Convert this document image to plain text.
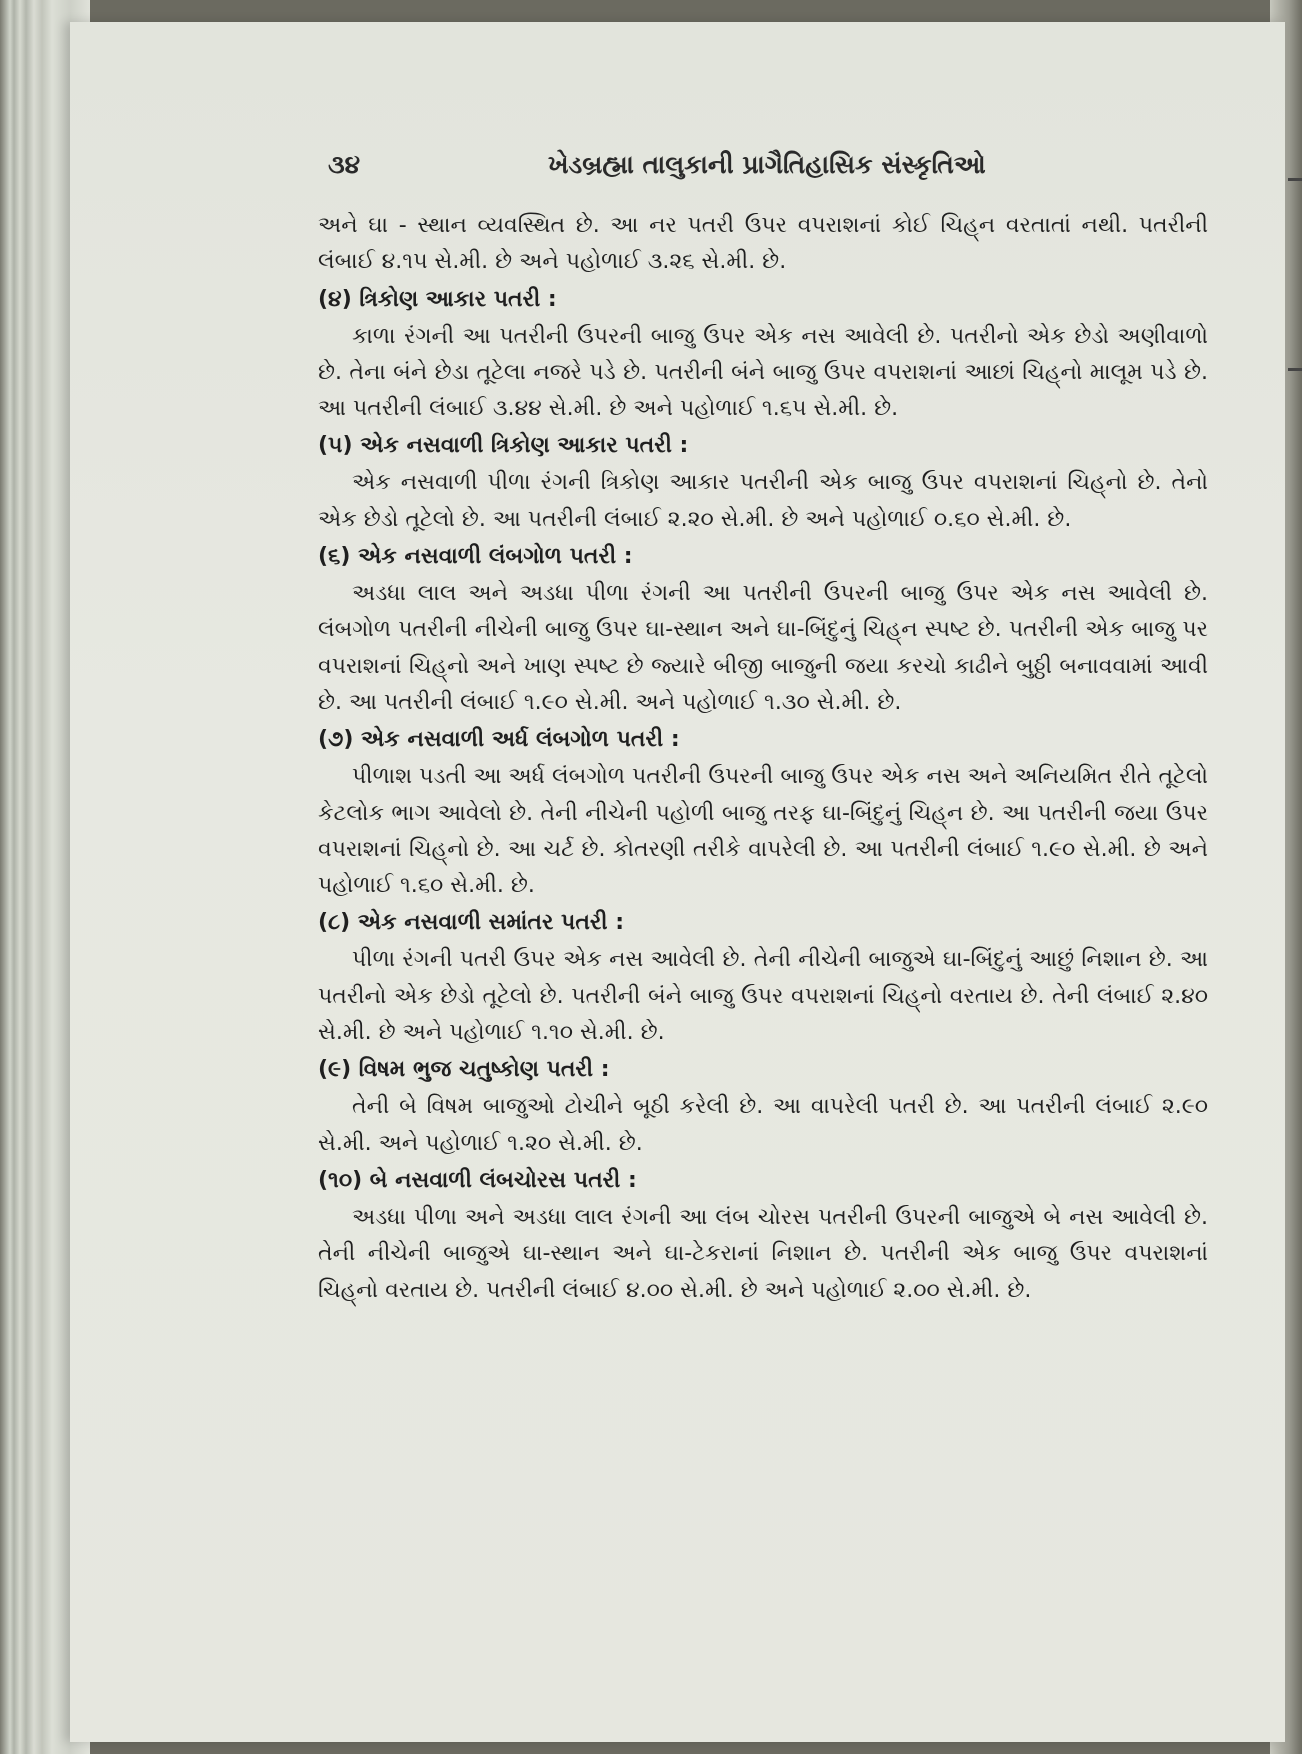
૩૪	ખેડબ્રહ્મા તાલુકાની પ્રાગૈતિહાસિક સંસ્કૃતિઓ

અને ઘા - સ્થાન વ્યવસ્થિત છે. આ નર પતરી ઉપર વપરાશનાં કોઈ ચિહ્‌ન વરતાતાં નથી. પતરીની લંબાઈ ૪.૧૫ સે.મી. છે અને પહોળાઈ ૩.૨૬ સે.મી. છે.

(૪) ત્રિકોણ આકાર પતરી :

કાળા રંગની આ પતરીની ઉપરની બાજુ ઉપર એક નસ આવેલી છે. પતરીનો એક છેડો અણીવાળો છે. તેના બંને છેડા તૂટેલા નજરે પડે છે. પતરીની બંને બાજુ ઉપર વપરાશનાં આછાં ચિહ્‌નો માલૂમ પડે છે. આ પતરીની લંબાઈ ૩.૪૪ સે.મી. છે અને પહોળાઈ ૧.૬૫ સે.મી. છે.

(૫) એક નસવાળી ત્રિકોણ આકાર પતરી :

એક નસવાળી પીળા રંગની ત્રિકોણ આકાર પતરીની એક બાજુ ઉપર વપરાશનાં ચિહ્‌નો છે. તેનો એક છેડો તૂટેલો છે. આ પતરીની લંબાઈ ૨.૨૦ સે.મી. છે અને પહોળાઈ ૦.૬૦ સે.મી. છે.

(૬) એક નસવાળી લંબગોળ પતરી :

અડધા લાલ અને અડધા પીળા રંગની આ પતરીની ઉપરની બાજુ ઉપર એક નસ આવેલી છે. લંબગોળ પતરીની નીચેની બાજુ ઉપર ઘા-સ્થાન અને ઘા-બિંદુનું ચિહ્‌ન સ્પષ્ટ છે. પતરીની એક બાજુ પર વપરાશનાં ચિહ્‌નો અને ખાણ સ્પષ્ટ છે જ્યારે બીજી બાજુની જયા કરચો કાઢીને બુઠ્ઠી બનાવવામાં આવી છે. આ પતરીની લંબાઈ ૧.૯૦ સે.મી. અને પહોળાઈ ૧.૩૦ સે.મી. છે.

(૭) એક નસવાળી અર્ધ લંબગોળ પતરી :

પીળાશ પડતી આ અર્ધ લંબગોળ પતરીની ઉપરની બાજુ ઉપર એક નસ અને અનિયમિત રીતે તૂટેલો કેટલોક ભાગ આવેલો છે. તેની નીચેની પહોળી બાજુ તરફ ઘા-બિંદુનું ચિહ્‌ન છે. આ પતરીની જયા ઉપર વપરાશનાં ચિહ્‌નો છે. આ ચર્ટ છે. કોતરણી તરીકે વાપરેલી છે. આ પતરીની લંબાઈ ૧.૯૦ સે.મી. છે અને પહોળાઈ ૧.૬૦ સે.મી. છે.

(૮) એક નસવાળી સમાંતર પતરી :

પીળા રંગની પતરી ઉપર એક નસ આવેલી છે. તેની નીચેની બાજુએ ઘા-બિંદુનું આછું નિશાન છે. આ પતરીનો એક છેડો તૂટેલો છે. પતરીની બંને બાજુ ઉપર વપરાશનાં ચિહ્‌નો વરતાય છે. તેની લંબાઈ ૨.૪૦ સે.મી. છે અને પહોળાઈ ૧.૧૦ સે.મી. છે.

(૯) વિષમ ભુજ ચતુષ્કોણ પતરી :

તેની બે વિષમ બાજુઓ ટોચીને બૂઠી કરેલી છે. આ વાપરેલી પતરી છે. આ પતરીની લંબાઈ ૨.૯૦ સે.મી. અને પહોળાઈ ૧.૨૦ સે.મી. છે.

(૧૦) બે નસવાળી લંબચોરસ પતરી :

અડધા પીળા અને અડધા લાલ રંગની આ લંબ ચોરસ પતરીની ઉપરની બાજુએ બે નસ આવેલી છે. તેની નીચેની બાજુએ ઘા-સ્થાન અને ઘા-ટેકરાનાં નિશાન છે. પતરીની એક બાજુ ઉપર વપરાશનાં ચિહ્‌નો વરતાય છે. પતરીની લંબાઈ ૪.૦૦ સે.મી. છે અને પહોળાઈ ૨.૦૦ સે.મી. છે.
